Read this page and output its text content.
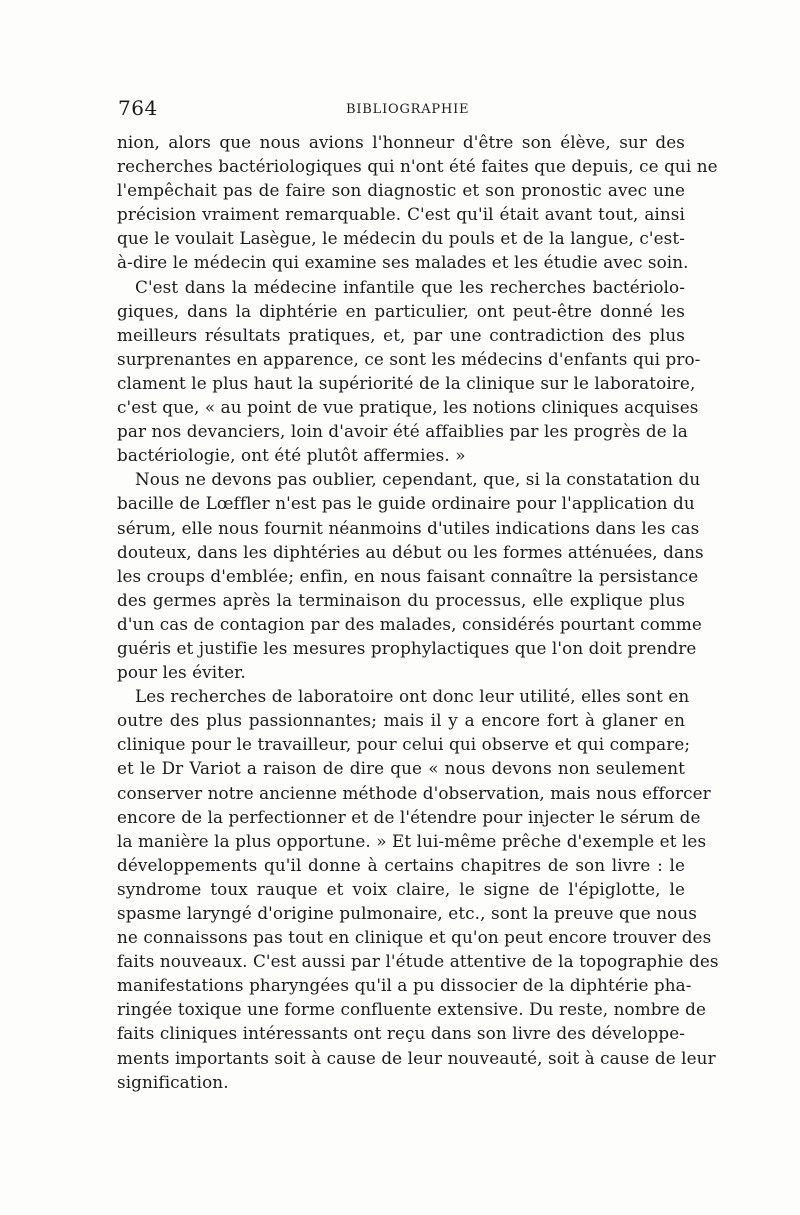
764	BIBLIOGRAPHIE
nion, alors que nous avions l'honneur d'être son élève, sur des
recherches bactériologiques qui n'ont été faites que depuis, ce qui ne
l'empêchait pas de faire son diagnostic et son pronostic avec une
précision vraiment remarquable. C'est qu'il était avant tout, ainsi
que le voulait Lasègue, le médecin du pouls et de la langue, c'est-
à-dire le médecin qui examine ses malades et les étudie avec soin.
C'est dans la médecine infantile que les recherches bactériolo-
giques, dans la diphtérie en particulier, ont peut-être donné les
meilleurs résultats pratiques, et, par une contradiction des plus
surprenantes en apparence, ce sont les médecins d'enfants qui pro-
clament le plus haut la supériorité de la clinique sur le laboratoire,
c'est que, « au point de vue pratique, les notions cliniques acquises
par nos devanciers, loin d'avoir été affaiblies par les progrès de la
bactériologie, ont été plutôt affermies. »
Nous ne devons pas oublier, cependant, que, si la constatation du
bacille de Lœffler n'est pas le guide ordinaire pour l'application du
sérum, elle nous fournit néanmoins d'utiles indications dans les cas
douteux, dans les diphtéries au début ou les formes atténuées, dans
les croups d'emblée; enfin, en nous faisant connaître la persistance
des germes après la terminaison du processus, elle explique plus
d'un cas de contagion par des malades, considérés pourtant comme
guéris et justifie les mesures prophylactiques que l'on doit prendre
pour les éviter.
Les recherches de laboratoire ont donc leur utilité, elles sont en
outre des plus passionnantes; mais il y a encore fort à glaner en
clinique pour le travailleur, pour celui qui observe et qui compare;
et le Dr Variot a raison de dire que « nous devons non seulement
conserver notre ancienne méthode d'observation, mais nous efforcer
encore de la perfectionner et de l'étendre pour injecter le sérum de
la manière la plus opportune. » Et lui-même prêche d'exemple et les
développements qu'il donne à certains chapitres de son livre : le
syndrome toux rauque et voix claire, le signe de l'épiglotte, le
spasme laryngé d'origine pulmonaire, etc., sont la preuve que nous
ne connaissons pas tout en clinique et qu'on peut encore trouver des
faits nouveaux. C'est aussi par l'étude attentive de la topographie des
manifestations pharyngées qu'il a pu dissocier de la diphtérie pha-
ringée toxique une forme confluente extensive. Du reste, nombre de
faits cliniques intéressants ont reçu dans son livre des développe-
ments importants soit à cause de leur nouveauté, soit à cause de leur
signification.
